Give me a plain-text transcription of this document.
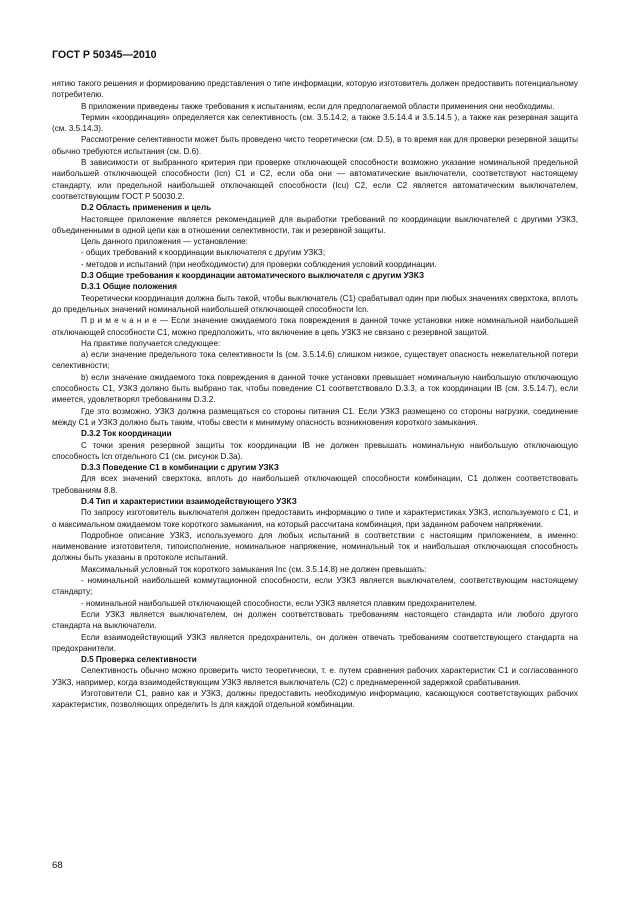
ГОСТ Р 50345—2010

нятию такого решения и формированию представления о типе информации, которую изготовитель должен предоставить потенциальному потребителю.

В приложении приведены также требования к испытаниям, если для предполагаемой области применения они необходимы.

Термин «координация» определяется как селективность (см. 3.5.14.2, а также 3.5.14.4 и 3.5.14.5 ), а также как резервная защита (см. 3.5.14.3).

Рассмотрение селективности может быть проведено чисто теоретически (см. D.5), в то время как для проверки резервной защиты обычно требуются испытания (см. D.6).

В зависимости от выбранного критерия при проверке отключающей способности возможно указание номинальной предельной наибольшей отключающей способности (Icn) C1 и C2, если оба они — автоматические выключатели, соответствуют настоящему стандарту, или предельной наибольшей отключающей способности (Icu) C2, если C2 является автоматическим выключателем, соответствующим ГОСТ Р 50030.2.

D.2 Область применения и цель

Настоящее приложение является рекомендацией для выработки требований по координации выключателей с другими УЗКЗ, объединенными в одной цепи как в отношении селективности, так и резервной защиты.

Цель данного приложения — установление:

- общих требований к координации выключателя с другим УЗКЗ;

- методов и испытаний (при необходимости) для проверки соблюдения условий координации.

D.3 Общие требования к координации автоматического выключателя с другим УЗКЗ

D.3.1 Общие положения

Теоретически координация должна быть такой, чтобы выключатель (C1) срабатывал один при любых значениях сверхтока, вплоть до предельных значений номинальной наибольшей отключающей способности Icn.

П р и м е ч а н и е — Если значение ожидаемого тока повреждения в данной точке установки ниже номинальной наибольшей отключающей способности C1, можно предположить, что включение в цепь УЗКЗ не связано с резервной защитой.

На практике получается следующее:

a) если значение предельного тока селективности Is (см. 3.5.14.6) слишком низкое, существует опасность нежелательной потери селективности;

b) если значение ожидаемого тока повреждения в данной точке установки превышает номинальную наибольшую отключающую способность C1, УЗКЗ должно быть выбрано так, чтобы поведение C1 соответствовало D.3.3, а ток координации IB (см. 3.5.14.7), если имеется, удовлетворял требованиям D.3.2.

Где это возможно, УЗКЗ должна размещаться со стороны питания C1. Если УЗКЗ размещено со стороны нагрузки, соединение между C1 и УЗКЗ должно быть таким, чтобы свести к минимуму опасность возникновения короткого замыкания.

D.3.2 Ток координации

С точки зрения резервной защиты ток координации IB не должен превышать номинальную наибольшую отключающую способность Icn отдельного C1 (см. рисунок D.3a).

D.3.3 Поведение C1 в комбинации с другим УЗКЗ

Для всех значений сверхтока, вплоть до наибольшей отключающей способности комбинации, C1 должен соответствовать требованиям 8.8.

D.4 Тип и характеристики взаимодействующего УЗКЗ

По запросу изготовитель выключателя должен предоставить информацию о типе и характеристиках УЗКЗ, используемого с C1, и о максимальном ожидаемом токе короткого замыкания, на который рассчитана комбинация, при заданном рабочем напряжении.

Подробное описание УЗКЗ, используемого для любых испытаний в соответствии с настоящим приложением, а именно: наименование изготовителя, типоисполнение, номинальное напряжение, номинальный ток и наибольшая отключающая способность должны быть указаны в протоколе испытаний.

Максимальный условный ток короткого замыкания Inc (см. 3.5.14.8) не должен превышать:

- номинальной наибольшей коммутационной способности, если УЗКЗ является выключателем, соответствующим настоящему стандарту;

- номинальной наибольшей отключающей способности, если УЗКЗ является плавким предохранителем.

Если УЗКЗ является выключателем, он должен соответствовать требованиям настоящего стандарта или любого другого стандарта на выключатели.

Если взаимодействующий УЗКЗ является предохранитель, он должен отвечать требованиям соответствующего стандарта на предохранители.

D.5 Проверка селективности

Селективность обычно можно проверить чисто теоретически, т. е. путем сравнения рабочих характеристик C1 и согласованного УЗКЗ, например, когда взаимодействующим УЗКЗ является выключатель (C2) с преднамеренной задержкой срабатывания.

Изготовители C1, равно как и УЗКЗ, должны предоставить необходимую информацию, касающуюся соответствующих рабочих характеристик, позволяющих определить Is для каждой отдельной комбинации.

68
